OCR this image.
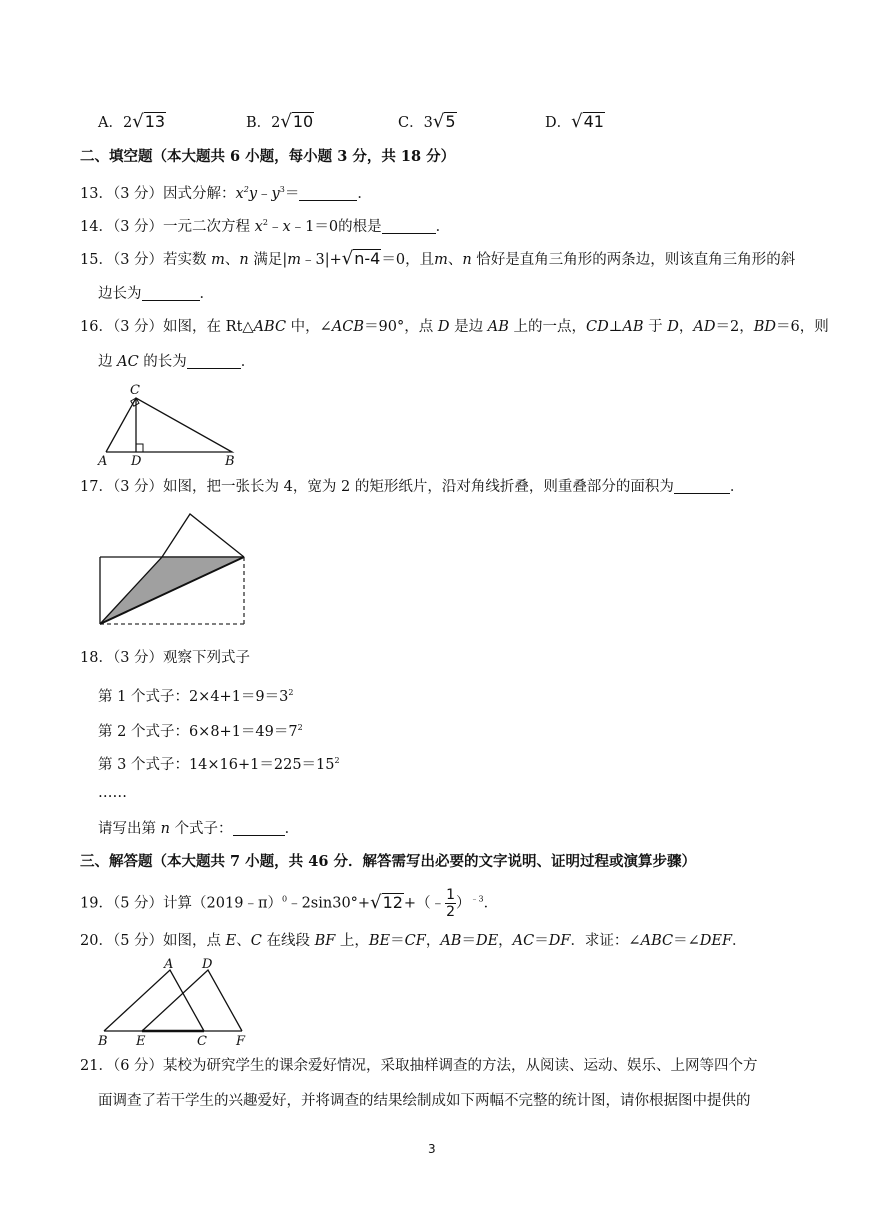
A．2 √ 13	B．2 √ 10	C．3 √ 5	D． √ 41
二、填空题（本大题共 6 小题，每小题 3 分，共 18 分）
13．（3 分）因式分解：$x^2y﹣y^3=$	．
14．（3 分）一元二次方程 $x^2﹣x﹣1=0$的根是	．
15．（3 分）若实数 m、n 满足|m﹣3|+ √ n-4 ＝0，且m、n 恰好是直角三角形的两条边，则该直角三角形的斜
边长为	．
16．（3 分）如图，在 Rt△ABC 中，∠ACB＝90°，点 D 是边 AB 上的一点，CD⊥AB 于 D，AD＝2，BD＝6，则
边 AC 的长为	．
C
A D	B
17．（3 分）如图，把一张长为 4，宽为 2 的矩形纸片，沿对角线折叠，则重叠部分的面积为	．
18．（3 分）观察下列式子
第 1 个式子：$2\times 4+1=9=3^2$
第 2 个式子：$6\times 8+1=49=7^2$
第 3 个式子：$14\times 16+1=225=15^2$
……
请写出第 n 个式子：	．
三、解答题（本大题共 7 小题，共 46 分．解答需写出必要的文字说明、证明过程或演算步骤）
19．（5 分）计算（2019﹣π）$^0$﹣2sin30°+ √ 12 +（﹣ $\frac{1}{2} )^{﹣3}$．
20．（5 分）如图，点 E、C 在线段 BF 上，BE＝CF，AB＝DE，AC＝DF．求证：∠ABC＝∠DEF．
A D
B E	C F
21．（6 分）某校为研究学生的课余爱好情况，采取抽样调查的方法，从阅读、运动、娱乐、上网等四个方
面调查了若干学生的兴趣爱好，并将调查的结果绘制成如下两幅不完整的统计图，请你根据图中提供的
3
